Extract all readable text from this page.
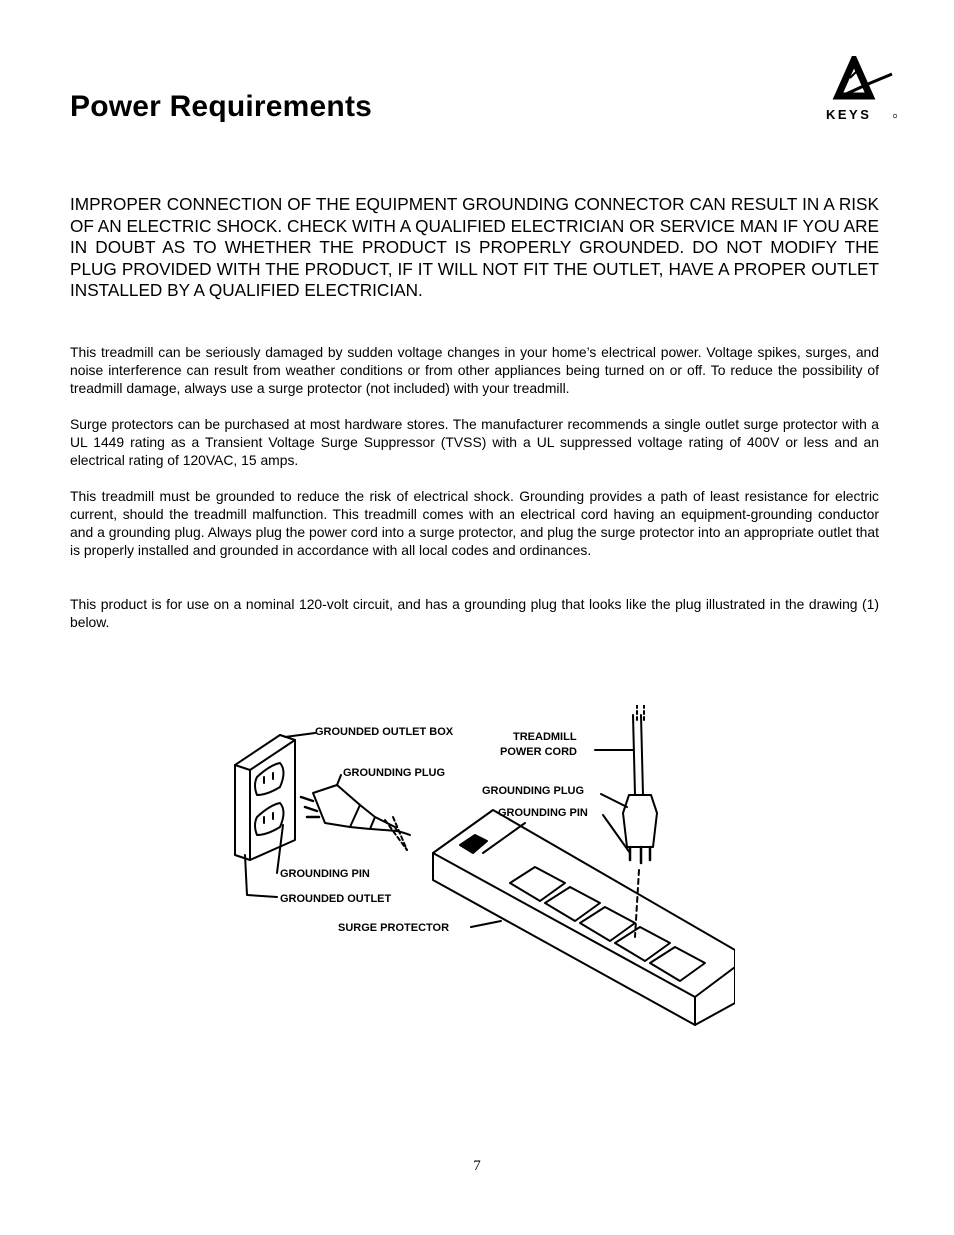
Power Requirements	KEYS

IMPROPER CONNECTION OF THE EQUIPMENT GROUNDING CONNECTOR CAN RESULT IN A RISK OF AN ELECTRIC SHOCK. CHECK WITH A QUALIFIED ELECTRICIAN OR SERVICE MAN IF YOU ARE IN DOUBT AS TO WHETHER THE PRODUCT IS PROPERLY GROUNDED. DO NOT MODIFY THE PLUG PROVIDED WITH THE PRODUCT, IF IT WILL NOT FIT THE OUTLET, HAVE A PROPER OUTLET INSTALLED BY A QUALIFIED ELECTRICIAN.

This treadmill can be seriously damaged by sudden voltage changes in your home’s electrical power. Voltage spikes, surges, and noise interference can result from weather conditions or from other appliances being turned on or off. To reduce the possibility of treadmill damage, always use a surge protector (not included) with your treadmill.

Surge protectors can be purchased at most hardware stores. The manufacturer recommends a single outlet surge protector with a UL 1449 rating as a Transient Voltage Surge Suppressor (TVSS) with a UL suppressed voltage rating of 400V or less and an electrical rating of 120VAC, 15 amps.

This treadmill must be grounded to reduce the risk of electrical shock. Grounding provides a path of least resistance for electric current, should the treadmill malfunction. This treadmill comes with an electrical cord having an equipment-grounding conductor and a grounding plug. Always plug the power cord into a surge protector, and plug the surge protector into an appropriate outlet that is properly installed and grounded in accordance with all local codes and ordinances.

This product is for use on a nominal 120-volt circuit, and has a grounding plug that looks like the plug illustrated in the drawing (1) below.

GROUNDED OUTLET BOX
GROUNDING PLUG
TREADMILL
POWER CORD
GROUNDING PLUG
GROUNDING PIN
GROUNDING PIN
GROUNDED OUTLET
SURGE PROTECTOR
7
